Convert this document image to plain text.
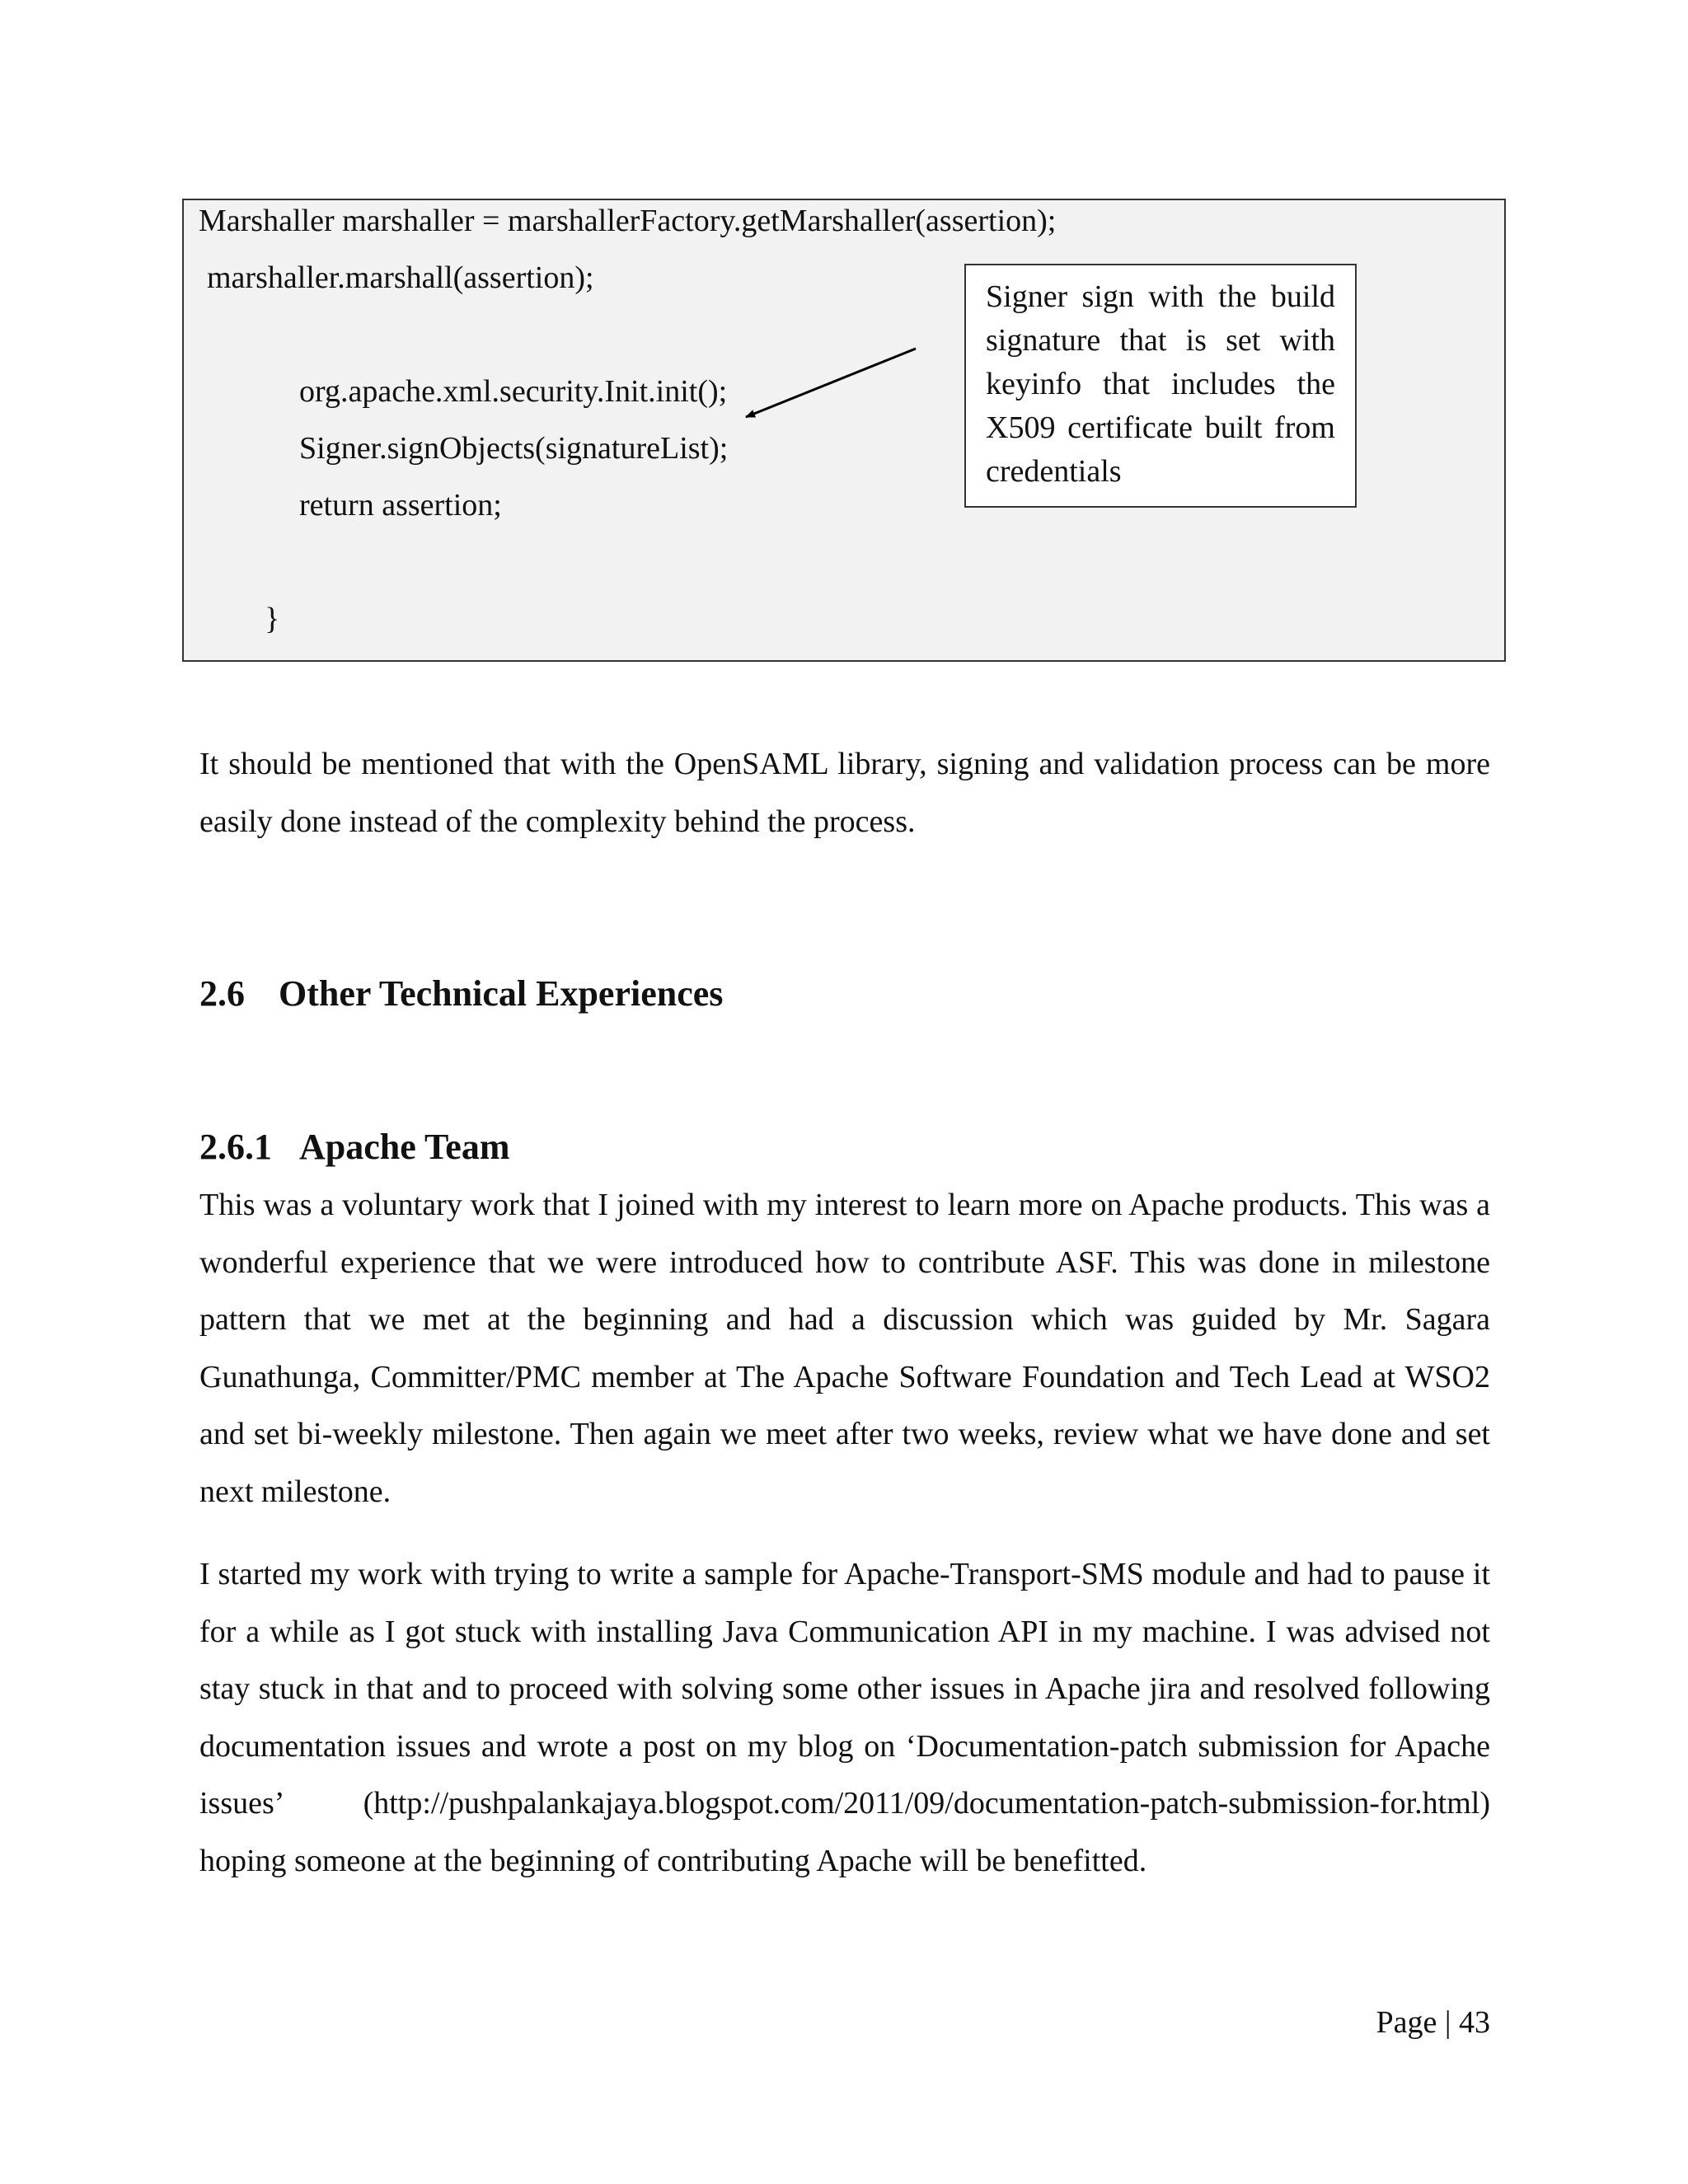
Marshaller marshaller = marshallerFactory.getMarshaller(assertion);
marshaller.marshall(assertion);
org.apache.xml.security.Init.init();
Signer.signObjects(signatureList);
return assertion;
}
Signer sign with the build signature that is set with keyinfo that includes the X509 certificate built from credentials
It should be mentioned that with the OpenSAML library, signing and validation process can be more easily done instead of the complexity behind the process.
2.6 Other Technical Experiences
2.6.1 Apache Team
This was a voluntary work that I joined with my interest to learn more on Apache products. This was a wonderful experience that we were introduced how to contribute ASF. This was done in milestone pattern that we met at the beginning and had a discussion which was guided by Mr. Sagara Gunathunga, Committer/PMC member at The Apache Software Foundation and Tech Lead at WSO2 and set bi-weekly milestone. Then again we meet after two weeks, review what we have done and set next milestone.
I started my work with trying to write a sample for Apache-Transport-SMS module and had to pause it for a while as I got stuck with installing Java Communication API in my machine. I was advised not stay stuck in that and to proceed with solving some other issues in Apache jira and resolved following documentation issues and wrote a post on my blog on ‘Documentation-patch submission for Apache issues’ (http://pushpalankajaya.blogspot.com/2011/09/documentation-patch-submission-for.html) hoping someone at the beginning of contributing Apache will be benefitted.
Page | 43
